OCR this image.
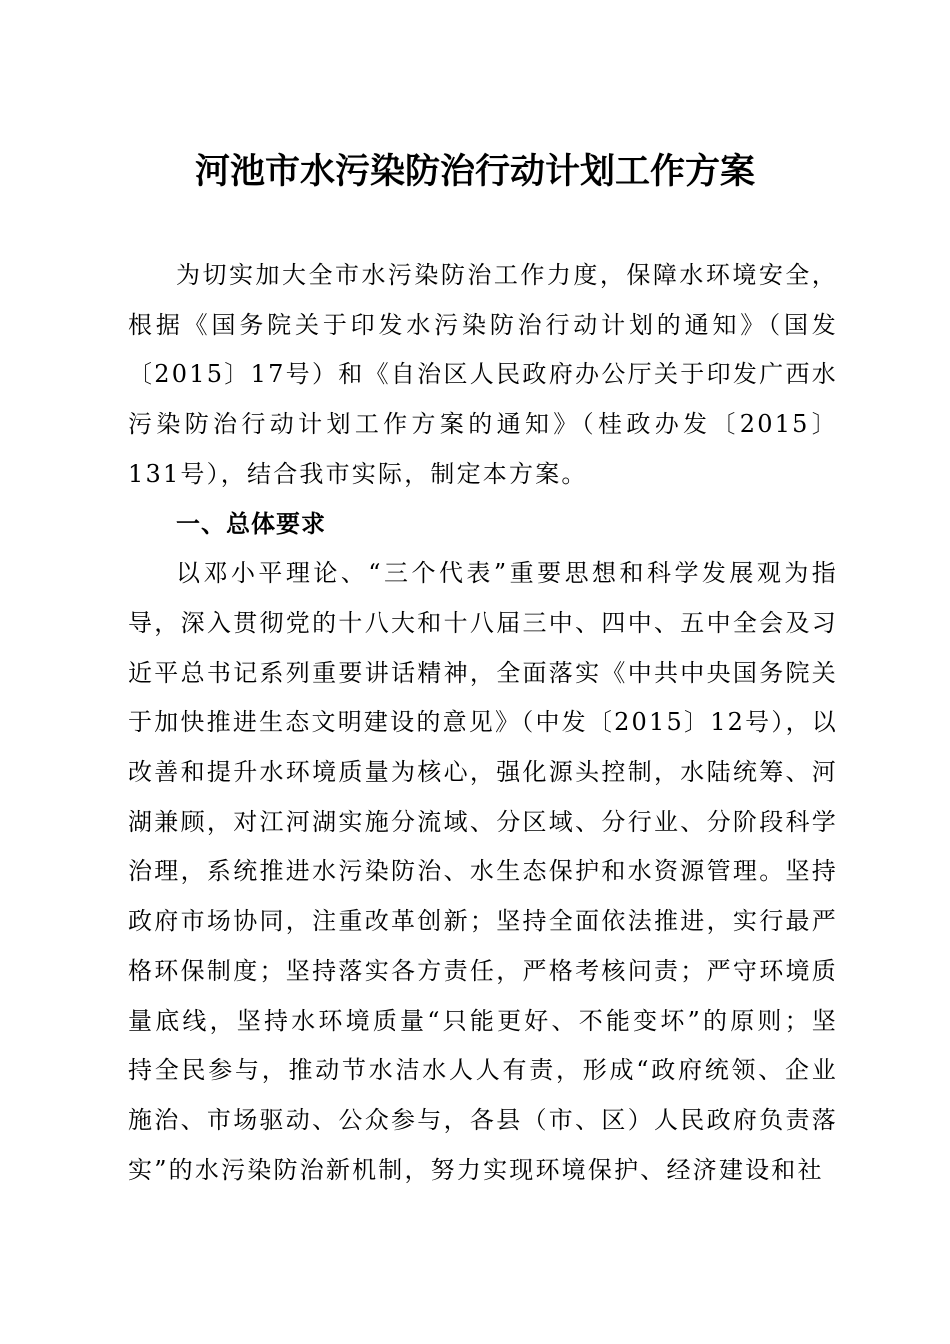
河池市水污染防治行动计划工作方案

为切实加大全市水污染防治工作力度，保障水环境安全，根据《国务院关于印发水污染防治行动计划的通知》（国发〔2015〕17号）和《自治区人民政府办公厅关于印发广西水污染防治行动计划工作方案的通知》（桂政办发〔2015〕131号），结合我市实际，制定本方案。

一、总体要求

以邓小平理论、“三个代表”重要思想和科学发展观为指导，深入贯彻党的十八大和十八届三中、四中、五中全会及习近平总书记系列重要讲话精神，全面落实《中共中央国务院关于加快推进生态文明建设的意见》（中发〔2015〕12号），以改善和提升水环境质量为核心，强化源头控制，水陆统筹、河湖兼顾，对江河湖实施分流域、分区域、分行业、分阶段科学治理，系统推进水污染防治、水生态保护和水资源管理。坚持政府市场协同，注重改革创新；坚持全面依法推进，实行最严格环保制度；坚持落实各方责任，严格考核问责；严守环境质量底线，坚持水环境质量“只能更好、不能变坏”的原则；坚持全民参与，推动节水洁水人人有责，形成“政府统领、企业施治、市场驱动、公众参与，各县（市、区）人民政府负责落实”的水污染防治新机制，努力实现环境保护、经济建设和社
